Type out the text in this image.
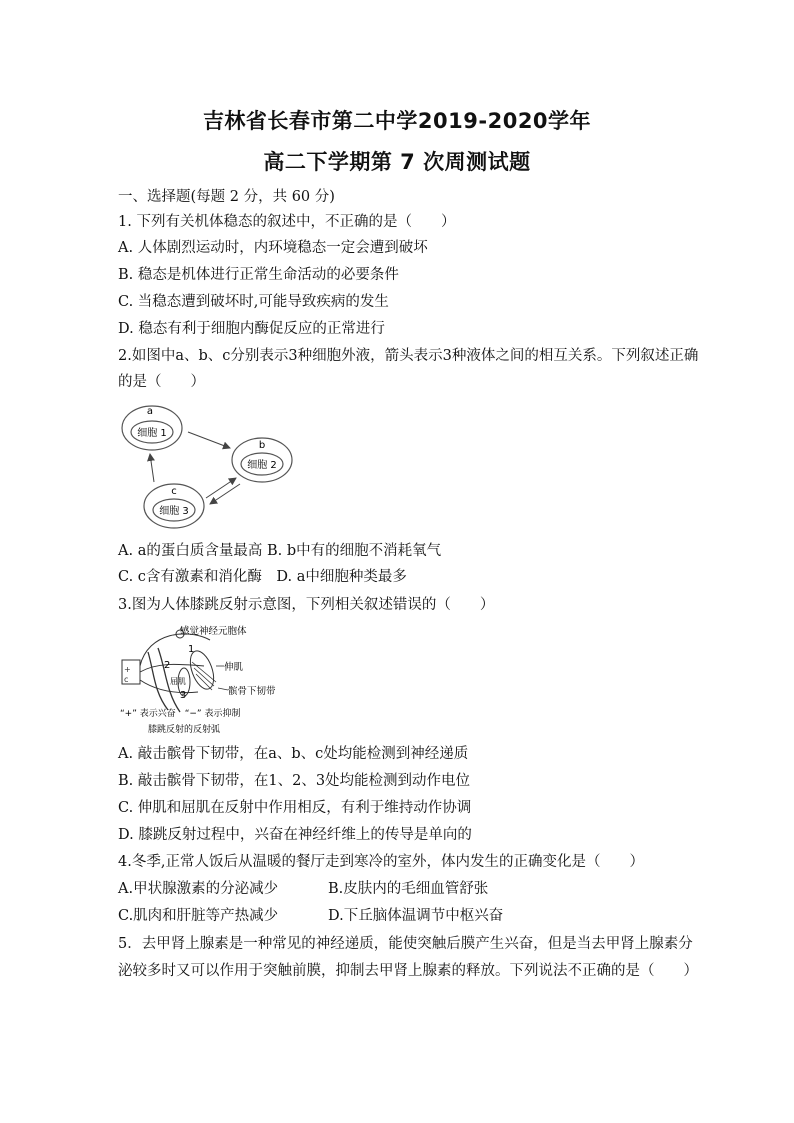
吉林省长春市第二中学2019-2020学年
高二下学期第 7 次周测试题
一、选择题(每题 2 分，共 60 分)
1. 下列有关机体稳态的叙述中，不正确的是（　　）
A. 人体剧烈运动时，内环境稳态一定会遭到破坏
B. 稳态是机体进行正常生命活动的必要条件
C. 当稳态遭到破坏时,可能导致疾病的发生
D. 稳态有利于细胞内酶促反应的正常进行
2.如图中a、b、c分别表示3种细胞外液，箭头表示3种液体之间的相互关系。下列叙述正确
的是（　　）
a
细胞 1
b
细胞 2
c
细胞 3
A. a的蛋白质含量最高 B. b中有的细胞不消耗氧气
C. c含有激素和消化酶　D. a中细胞种类最多
3.图为人体膝跳反射示意图，下列相关叙述错误的（　　）
+
c
感觉神经元胞体
1
2
3
伸肌
屈肌
髌骨下韧带
“+” 表示兴奋　“−” 表示抑制
膝跳反射的反射弧
A. 敲击髌骨下韧带，在a、b、c处均能检测到神经递质
B. 敲击髌骨下韧带，在1、2、3处均能检测到动作电位
C. 伸肌和屈肌在反射中作用相反，有利于维持动作协调
D. 膝跳反射过程中，兴奋在神经纤维上的传导是单向的
4.冬季,正常人饭后从温暖的餐厅走到寒冷的室外，体内发生的正确变化是（　　）
A.甲状腺激素的分泌减少	B.皮肤内的毛细血管舒张
C.肌肉和肝脏等产热减少	D.下丘脑体温调节中枢兴奋
5．去甲肾上腺素是一种常见的神经递质，能使突触后膜产生兴奋，但是当去甲肾上腺素分
泌较多时又可以作用于突触前膜，抑制去甲肾上腺素的释放。下列说法不正确的是（　　）
